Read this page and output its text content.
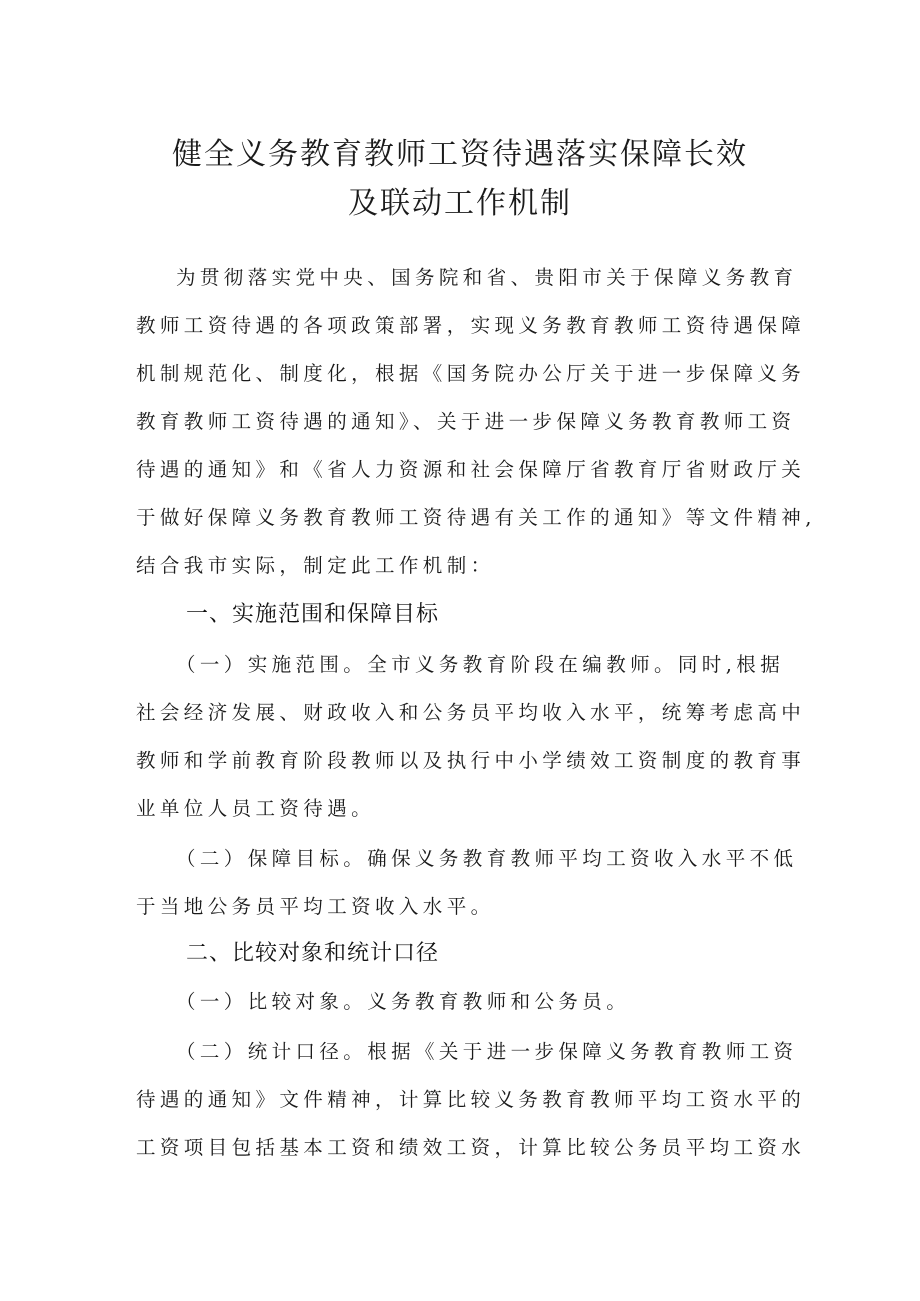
健全义务教育教师工资待遇落实保障长效
及联动工作机制
为贯彻落实党中央、国务院和省、贵阳市关于保障义务教育
教师工资待遇的各项政策部署，实现义务教育教师工资待遇保障
机制规范化、制度化，根据《国务院办公厅关于进一步保障义务
教育教师工资待遇的通知》、关于进一步保障义务教育教师工资
待遇的通知》和《省人力资源和社会保障厅省教育厅省财政厅关
于做好保障义务教育教师工资待遇有关工作的通知》等文件精神,
结合我市实际，制定此工作机制：
一、实施范围和保障目标
（一）实施范围。全市义务教育阶段在编教师。同时,根据
社会经济发展、财政收入和公务员平均收入水平，统筹考虑高中
教师和学前教育阶段教师以及执行中小学绩效工资制度的教育事
业单位人员工资待遇。
（二）保障目标。确保义务教育教师平均工资收入水平不低
于当地公务员平均工资收入水平。
二、比较对象和统计口径
（一）比较对象。义务教育教师和公务员。
（二）统计口径。根据《关于进一步保障义务教育教师工资
待遇的通知》文件精神，计算比较义务教育教师平均工资水平的
工资项目包括基本工资和绩效工资，计算比较公务员平均工资水
